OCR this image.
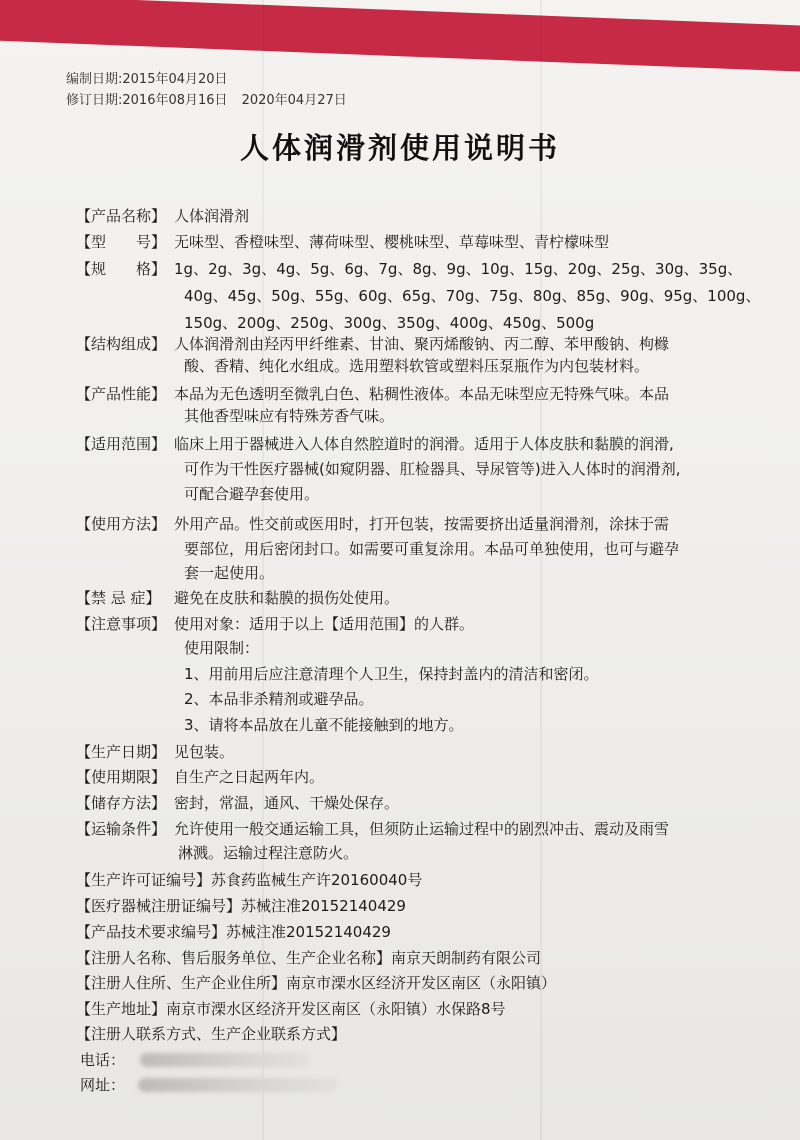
编制日期:2015年04月20日
修订日期:2016年08月16日 2020年04月27日
人体润滑剂使用说明书
【产品名称】 人体润滑剂
【型　　号】 无味型、香橙味型、薄荷味型、樱桃味型、草莓味型、青柠檬味型
【规　　格】 1g、2g、3g、4g、5g、6g、7g、8g、9g、10g、15g、20g、25g、30g、35g、
40g、45g、50g、55g、60g、65g、70g、75g、80g、85g、90g、95g、100g、
150g、200g、250g、300g、350g、400g、450g、500g
【结构组成】 人体润滑剂由羟丙甲纤维素、甘油、聚丙烯酸钠、丙二醇、苯甲酸钠、枸橼
酸、香精、纯化水组成。选用塑料软管或塑料压泵瓶作为内包装材料。
【产品性能】 本品为无色透明至微乳白色、粘稠性液体。本品无味型应无特殊气味。本品
其他香型味应有特殊芳香气味。
【适用范围】 临床上用于器械进入人体自然腔道时的润滑。适用于人体皮肤和黏膜的润滑,
可作为干性医疗器械(如窥阴器、肛检器具、导尿管等)进入人体时的润滑剂,
可配合避孕套使用。
【使用方法】 外用产品。性交前或医用时，打开包装，按需要挤出适量润滑剂，涂抹于需
要部位，用后密闭封口。如需要可重复涂用。本品可单独使用，也可与避孕
套一起使用。
【禁 忌 症】 避免在皮肤和黏膜的损伤处使用。
【注意事项】 使用对象：适用于以上【适用范围】的人群。
使用限制：
1、用前用后应注意清理个人卫生，保持封盖内的清洁和密闭。
2、本品非杀精剂或避孕品。
3、请将本品放在儿童不能接触到的地方。
【生产日期】 见包装。
【使用期限】 自生产之日起两年内。
【储存方法】 密封，常温，通风、干燥处保存。
【运输条件】 允许使用一般交通运输工具，但须防止运输过程中的剧烈冲击、震动及雨雪
淋溅。运输过程注意防火。
【生产许可证编号】苏食药监械生产许20160040号
【医疗器械注册证编号】苏械注准20152140429
【产品技术要求编号】苏械注准20152140429
【注册人名称、售后服务单位、生产企业名称】南京天朗制药有限公司
【注册人住所、生产企业住所】南京市溧水区经济开发区南区（永阳镇）
【生产地址】南京市溧水区经济开发区南区（永阳镇）水保路8号
【注册人联系方式、生产企业联系方式】
电话：
网址：
